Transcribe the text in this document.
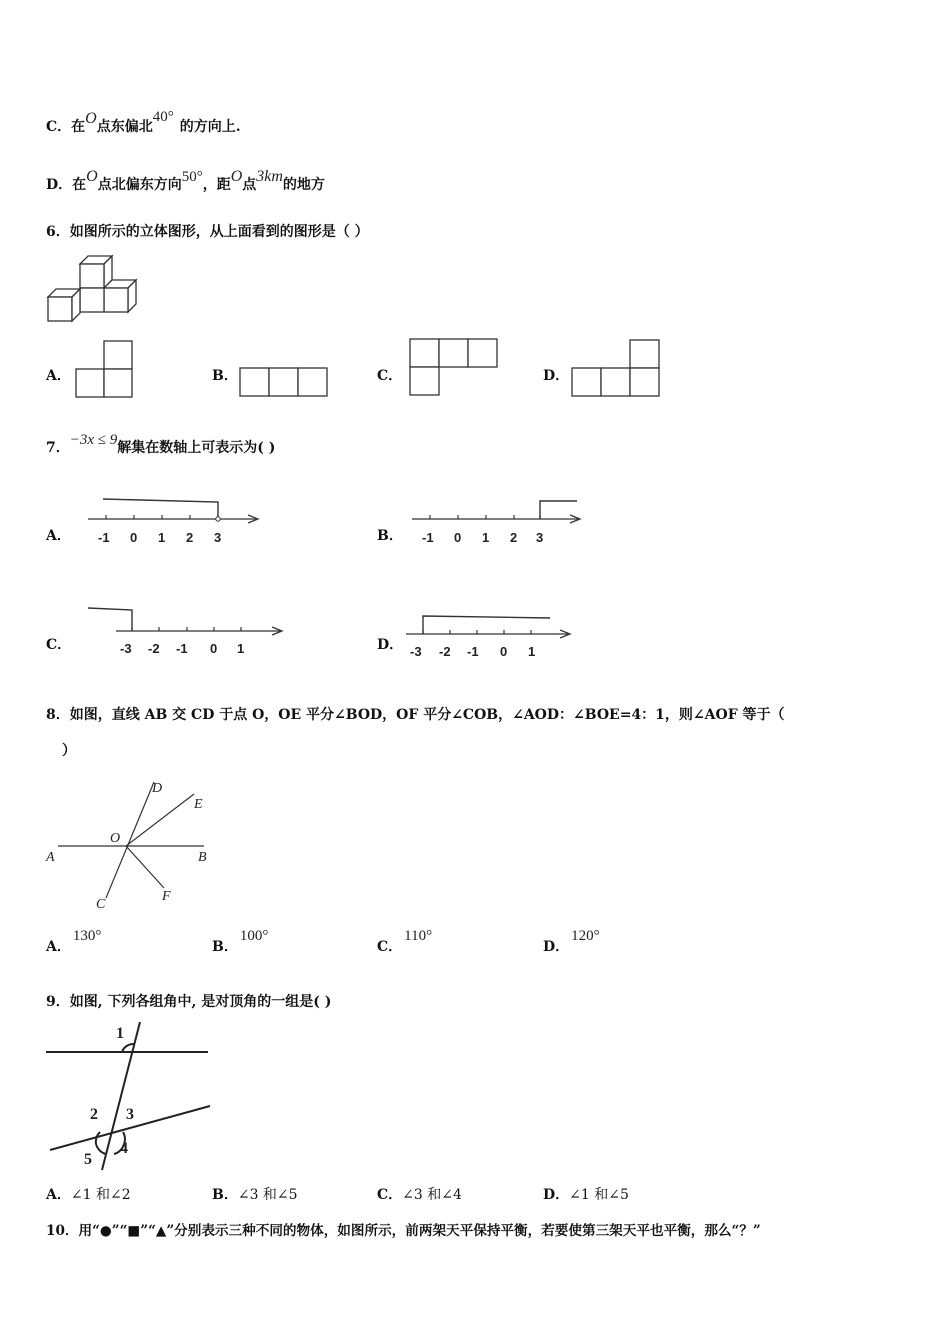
C．在O点东偏北40°的方向上.
D．在O点北偏东方向50°，距O点3km的地方
6．如图所示的立体图形，从上面看到的图形是（ ）
A．	B．	C．	D．
7．−3x ≤ 9解集在数轴上可表示为( )
A． -1 0 1 2 3	B． -1 0 1 2 3
C．	-3 -2 -1 0 1	D． -3 -2 -1 0 1
8．如图，直线 AB 交 CD 于点 O，OE 平分∠BOD，OF 平分∠COB，∠AOD：∠BOE=4：1，则∠AOF 等于（
）
A	B
C
D
E
F
O
A．130°
B．100°
C．110°
D．120°
9．如图, 下列各组角中, 是对顶角的一组是( )
1
2 3
4
5
A．∠1 和∠2	B．∠3 和∠5	C．∠3 和∠4	D．∠1 和∠5
10．用“●”“■”“▲”分别表示三种不同的物体，如图所示，前两架天平保持平衡，若要使第三架天平也平衡，那么“？”
